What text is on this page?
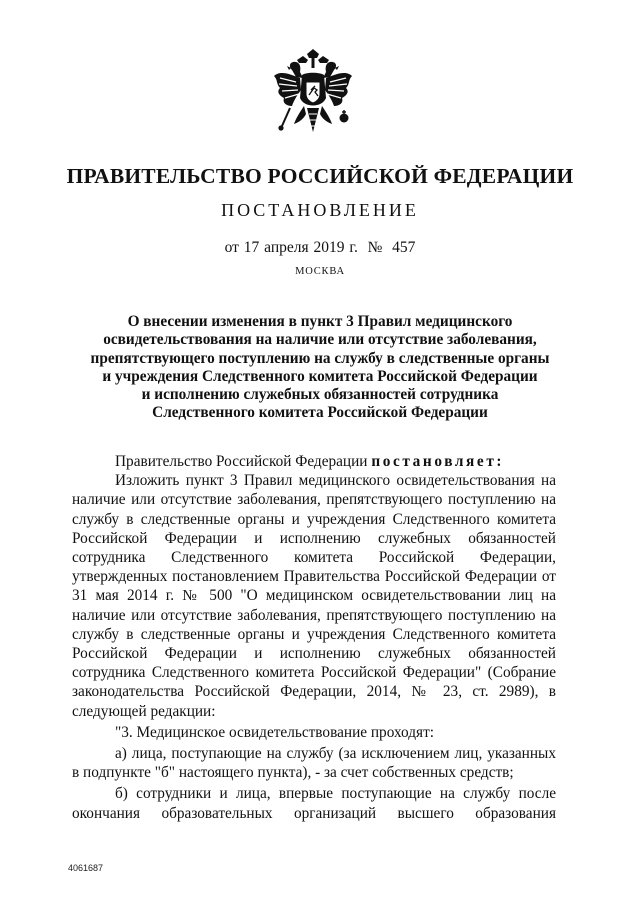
ПРАВИТЕЛЬСТВО РОССИЙСКОЙ ФЕДЕРАЦИИ
ПОСТАНОВЛЕНИЕ
от 17 апреля 2019 г.  №  457
МОСКВА
О внесении изменения в пункт 3 Правил медицинского
освидетельствования на наличие или отсутствие заболевания,
препятствующего поступлению на службу в следственные органы
и учреждения Следственного комитета Российской Федерации
и исполнению служебных обязанностей сотрудника
Следственного комитета Российской Федерации

Правительство Российской Федерации постановляет:

Изложить пункт 3 Правил медицинского освидетельствования на наличие или отсутствие заболевания, препятствующего поступлению на службу в следственные органы и учреждения Следственного комитета Российской Федерации и исполнению служебных обязанностей сотрудника Следственного комитета Российской Федерации, утвержденных постановлением Правительства Российской Федерации от 31 мая 2014 г. № 500 "О медицинском освидетельствовании лиц на наличие или отсутствие заболевания, препятствующего поступлению на службу в следственные органы и учреждения Следственного комитета Российской Федерации и исполнению служебных обязанностей сотрудника Следственного комитета Российской Федерации" (Собрание законодательства Российской Федерации, 2014, № 23, ст. 2989), в следующей редакции:

"3. Медицинское освидетельствование проходят:

а) лица, поступающие на службу (за исключением лиц, указанных в подпункте "б" настоящего пункта), - за счет собственных средств;

б) сотрудники и лица, впервые поступающие на службу после окончания образовательных организаций высшего образования

4061687
